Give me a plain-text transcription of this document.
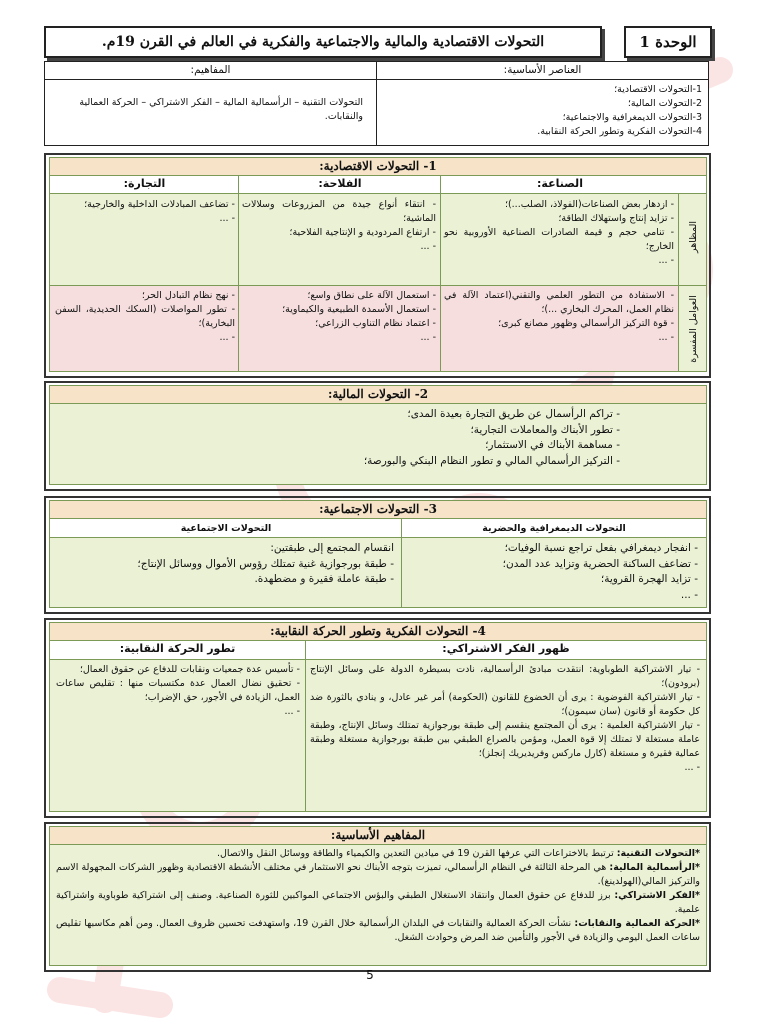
الوحدة 1
التحولات الاقتصادية والمالية والاجتماعية والفكرية في العالم في القرن 19م.
العناصر الأساسية:
المفاهيم:

1-التحولات الاقتصادية؛

2-التحولات المالية؛

3-التحولات الديمغرافية والاجتماعية؛

4-التحولات الفكرية وتطور الحركة النقابية.

التحولات التقنية – الرأسمالية المالية – الفكر الاشتراكي – الحركة العمالية والنقابات.
1- التحولات الاقتصادية:
الصناعة:
الفلاحة:
التجارة:
المظاهر
العوامل المفسرة

- ازدهار بعض الصناعات(الفولاذ، الصلب...)؛

- تزايد إنتاج واستهلاك الطاقة؛

- تنامي حجم و قيمة الصادرات الصناعية الأوروبية نحو الخارج؛

- ...

- انتقاء أنواع جيدة من المزروعات وسلالات الماشية؛

- ارتفاع المردودية و الإنتاجية الفلاحية؛

- ...

- تضاعف المبادلات الداخلية والخارجية؛

- ...

- الاستفادة من التطور العلمي والتقني(اعتماد الآلة في نظام العمل، المحرك البخاري ...)؛

- قوة التركيز الرأسمالي وظهور مصانع كبرى؛

- ...

- استعمال الآلة على نطاق واسع؛

- استعمال الأسمدة الطبيعية والكيماوية؛

- اعتماد نظام التناوب الزراعي؛

- ...

- نهج نظام التبادل الحر؛

- تطور المواصلات (السكك الحديدية، السفن البخارية)؛

- ...

2- التحولات المالية:

- تراكم الرأسمال عن طريق التجارة بعيدة المدى؛

- تطور الأبناك والمعاملات التجارية؛

- مساهمة الأبناك في الاستثمار؛

- التركيز الرأسمالي المالي و تطور النظام البنكي والبورصة؛

3- التحولات الاجتماعية:
التحولات الديمغرافية والحضرية
التحولات الاجتماعية

- انفجار ديمغرافي بفعل تراجع نسبة الوفيات؛

- تضاعف الساكنة الحضرية وتزايد عدد المدن؛

- تزايد الهجرة القروية؛

- ...

انقسام المجتمع إلى طبقتين:

- طبقة بورجوازية غنية تمتلك رؤوس الأموال ووسائل الإنتاج؛

- طبقة عاملة فقيرة و مضطهدة.

4- التحولات الفكرية وتطور الحركة النقابية:
ظهور الفكر الاشتراكي:
تطور الحركة النقابية:

- تيار الاشتراكية الطوباوية: انتقدت مبادئ الرأسمالية، نادت بسيطرة الدولة على وسائل الإنتاج (برودون)؛

- تيار الاشتراكية الفوضوية : يرى أن الخضوع للقانون (الحكومة) أمر غير عادل، و ينادي بالثورة ضد كل حكومة أو قانون (سان سيمون)؛

- تيار الاشتراكية العلمية : يرى أن المجتمع ينقسم إلى طبقة بورجوازية تمتلك وسائل الإنتاج، وطبقة عاملة مستغلة لا تمتلك إلا قوة العمل، ومؤمن بالصراع الطبقي بين طبقة بورجوازية مستغلة وطبقة عمالية فقيرة و مستغلة (كارل ماركس وفريديريك إنجلز)؛

- ...

- تأسيس عدة جمعيات ونقابات للدفاع عن حقوق العمال؛

- تحقيق نضال العمال عدة مكتسبات منها : تقليص ساعات العمل، الزيادة في الأجور، حق الإضراب؛

- ...

المفاهيم الأساسية:

*التحولات التقنية: ترتبط بالاختراعات التي عرفها القرن 19 في ميادين التعدين والكيمياء والطاقة ووسائل النقل والاتصال.

*الرأسمالية المالية: هي المرحلة الثالثة في النظام الرأسمالي، تميزت بتوجه الأبناك نحو الاستثمار في مختلف الأنشطة الاقتصادية وظهور الشركات المجهولة الاسم والتركيز المالي(الهولدينغ).

*الفكر الاشتراكي: برز للدفاع عن حقوق العمال وانتقاد الاستغلال الطبقي والبؤس الاجتماعي المواكبين للثورة الصناعية. وصنف إلى اشتراكية طوباوية واشتراكية علمية.

*الحركة العمالية والنقابات: نشأت الحركة العمالية والنقابات في البلدان الرأسمالية خلال القرن 19، واستهدفت تحسين ظروف العمال. ومن أهم مكاسبها تقليص ساعات العمل اليومي والزيادة في الأجور والتأمين ضد المرض وحوادث الشغل.

5
